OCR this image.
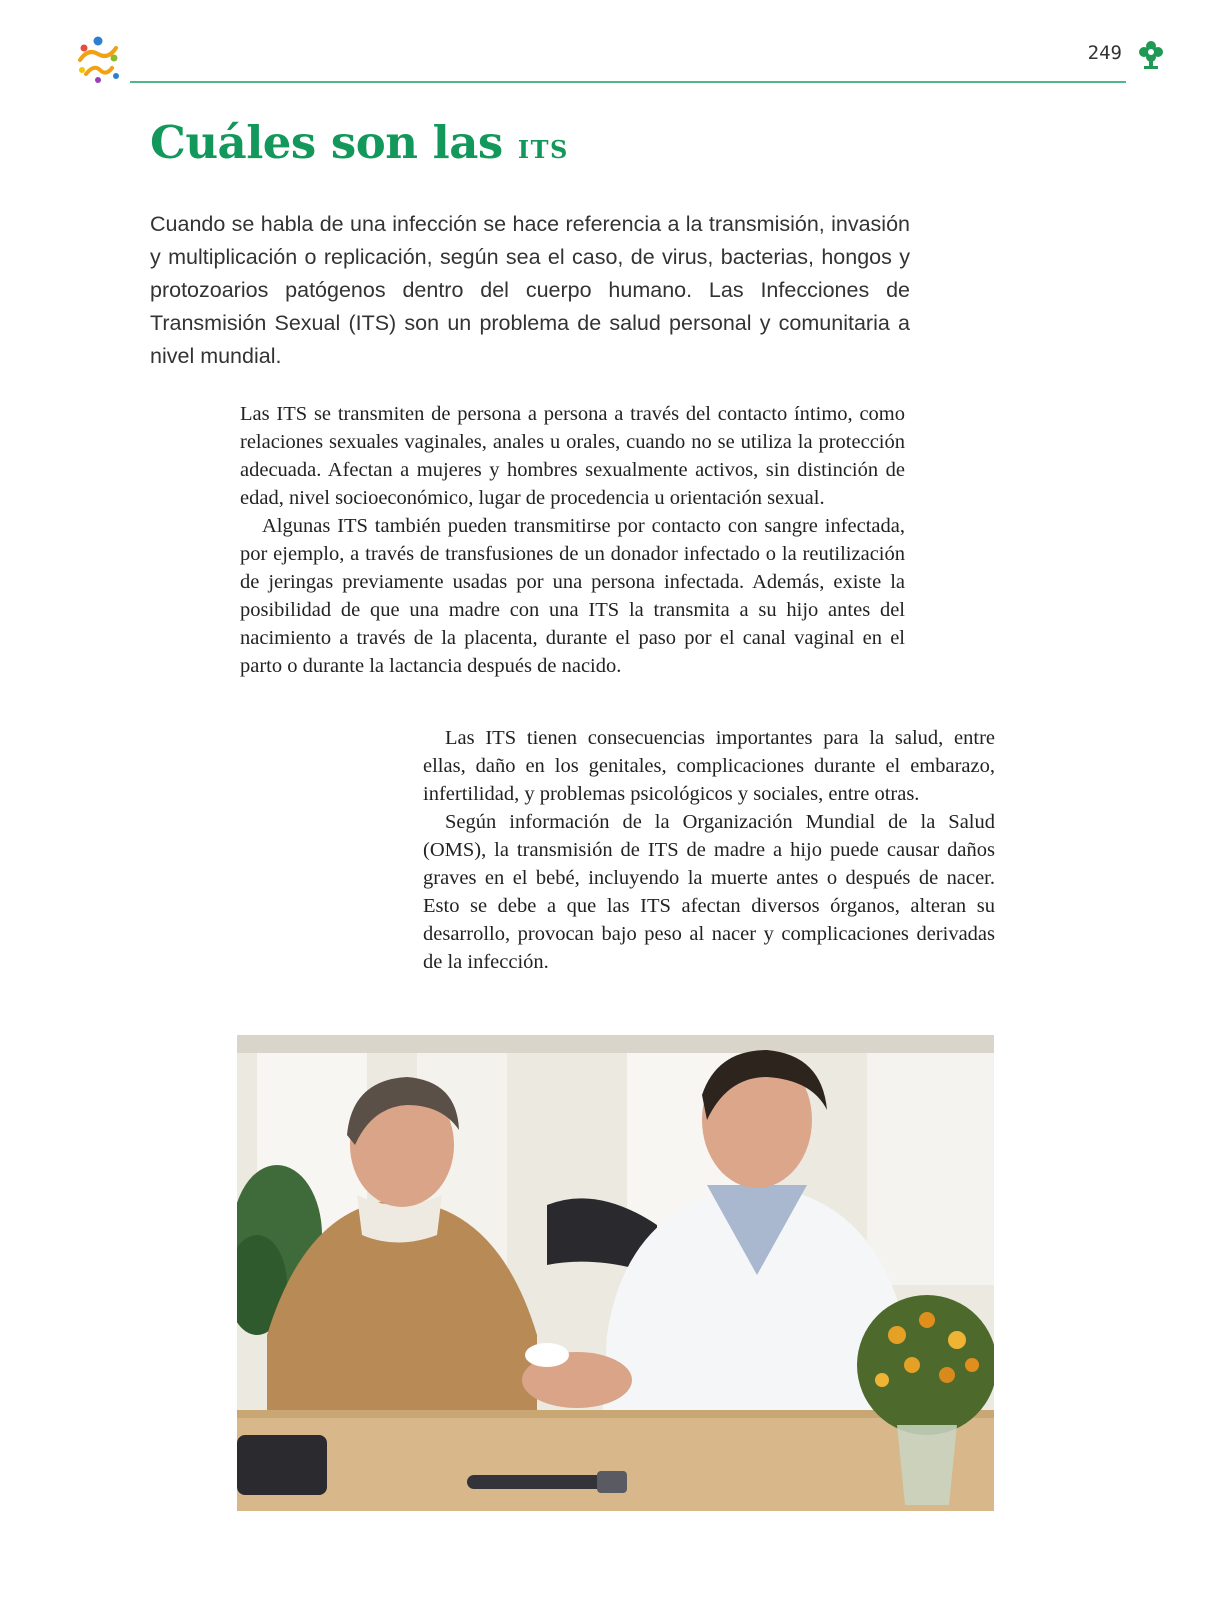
249
Cuáles son las its

Cuando se habla de una infección se hace referencia a la transmisión, invasión y multiplicación o replicación, según sea el caso, de virus, bacterias, hongos y protozoarios patógenos dentro del cuerpo humano. Las Infecciones de Transmisión Sexual (ITS) son un problema de salud personal y comunitaria a nivel mundial.

Las ITS se transmiten de persona a persona a través del contacto íntimo, como relaciones sexuales vaginales, anales u orales, cuando no se utiliza la protección adecuada. Afectan a mujeres y hombres sexualmente activos, sin distinción de edad, nivel socioeconómico, lugar de procedencia u orientación sexual.

Algunas ITS también pueden transmitirse por contacto con sangre infectada, por ejemplo, a través de transfusiones de un donador infectado o la reutilización de jeringas previamente usadas por una persona infectada. Además, existe la posibilidad de que una madre con una ITS la transmita a su hijo antes del nacimiento a través de la placenta, durante el paso por el canal vaginal en el parto o durante la lactancia después de nacido.

Las ITS tienen consecuencias importantes para la salud, entre ellas, daño en los genitales, complicaciones durante el embarazo, infertilidad, y problemas psicológicos y sociales, entre otras.

Según información de la Organización Mundial de la Salud (OMS), la transmisión de ITS de madre a hijo puede causar daños graves en el bebé, incluyendo la muerte antes o después de nacer. Esto se debe a que las ITS afectan diversos órganos, alteran su desarrollo, provocan bajo peso al nacer y complicaciones derivadas de la infección.
